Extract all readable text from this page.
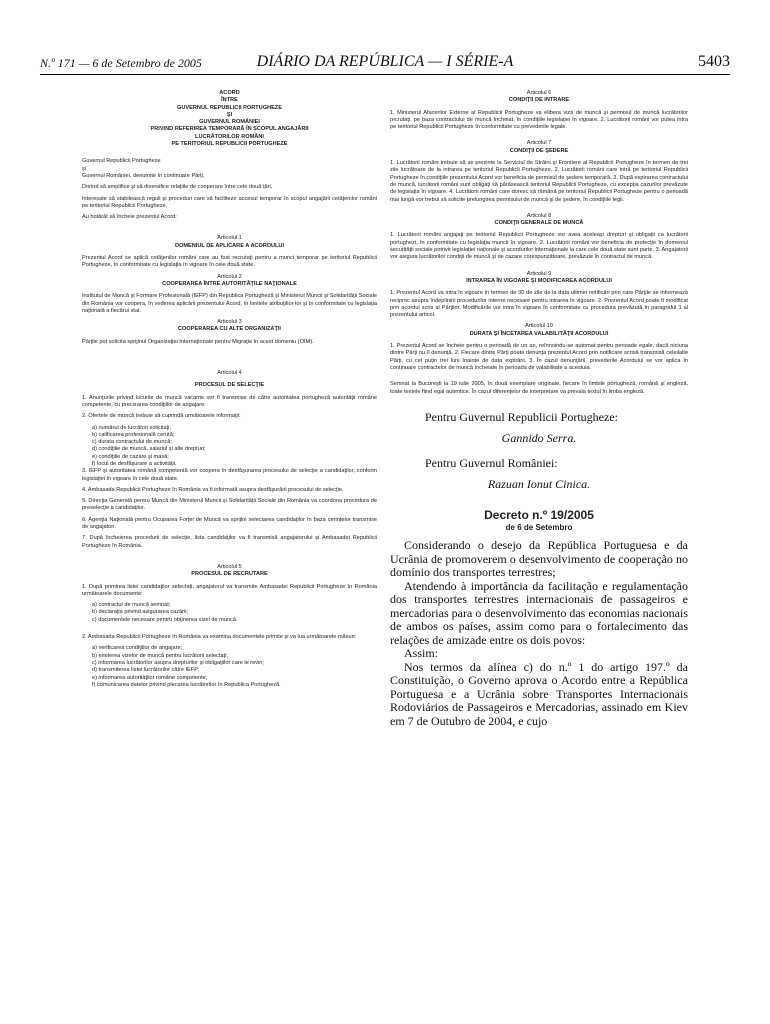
N.º 171 — 6 de Setembro de 2005	DIÁRIO DA REPÚBLICA — I SÉRIE-A	5403
ACORD
ÎNTRE
GUVERNUL REPUBLICII PORTUGHEZE
ŞI
GUVERNUL ROMÂNIEI
PRIVIND REFERIREA TEMPORARĂ ÎN SCOPUL ANGAJĂRII
LUCRĂTORILOR ROMÂNI
PE TERITORIUL REPUBLICII PORTUGHEZE
Guvernul Republicii Portugheze
şi

Guvernul României, denumite în continuare Părţi,

Dorind să amplifice şi să diversifice relaţiile de cooperare între cele două ţări,

Interesate să stabilească reguli şi proceduri care să faciliteze accesul temporar în scopul angajării cetăţenilor români pe teritoriul Republicii Portugheze,

Au hotărât să încheie prezentul Acord:

Articolul 1
DOMENIUL DE APLICARE A ACORDULUI

Prezentul Acord se aplică cetăţenilor români care au fost recrutaţi pentru a munci temporar pe teritoriul Republicii Portugheze, în conformitate cu legislaţia în vigoare în cele două state.

Articolul 2
COOPERAREA ÎNTRE AUTORITĂŢILE NAŢIONALE

Institutul de Muncă şi Formare Profesională (IEFP) din Republica Portugheză şi Ministerul Muncii şi Solidarităţii Sociale din România vor coopera, în vederea aplicării prezentului Acord, în limitele atribuţiilor lor şi în conformitate cu legislaţia naţională a fiecărui stat.

Articolul 3
COOPERAREA CU ALTE ORGANIZAŢII

Părţile pot solicita sprijinul Organizaţiei Internaţionale pentru Migraţie în acest domeniu (OIM).

Articolul 4
PROCESUL DE SELECŢIE

1. Anunţurile privind locurile de muncă vacante vor fi transmise de către autoritatea portugheză autorităţii române competente, cu precizarea condiţiilor de angajare.

2. Ofertele de muncă trebuie să cuprindă următoarele informaţii:

a) numărul de lucrători solicitaţi;
b) calificarea profesională cerută;
c) durata contractului de muncă;
d) condiţiile de muncă, salariul şi alte drepturi;
e) condiţiile de cazare şi masă;
f) locul de desfăşurare a activităţii.

3. IEFP şi autoritatea română competentă vor coopera în desfăşurarea procesului de selecţie a candidaţilor, conform legislaţiei în vigoare în cele două state.

4. Ambasada Republicii Portugheze în România va fi informată asupra desfăşurării procesului de selecţie.

5. Direcţia Generală pentru Muncă din Ministerul Muncii şi Solidarităţii Sociale din România va coordona procedura de preselecţie a candidaţilor.

6. Agenţia Naţională pentru Ocuparea Forţei de Muncă va sprijini selectarea candidaţilor în baza cerinţelor transmise de angajatori.

7. După încheierea procedurii de selecţie, lista candidaţilor va fi transmisă angajatorului şi Ambasadei Republicii Portugheze în România.

Articolul 5
PROCESUL DE RECRUTARE

1. După primirea listei candidaţilor selectaţi, angajatorul va transmite Ambasadei Republicii Portugheze în România următoarele documente:

a) contractul de muncă semnat;
b) declaraţia privind asigurarea cazării;
c) documentele necesare pentru obţinerea vizei de muncă.

2. Ambasada Republicii Portugheze în România va examina documentele primite şi va lua următoarele măsuri:

a) verificarea condiţiilor de angajare;
b) emiterea vizelor de muncă pentru lucrătorii selectaţi;
c) informarea lucrătorilor asupra drepturilor şi obligaţiilor care le revin;
d) transmiterea listei lucrătorilor către IEFP;
e) informarea autorităţilor române competente;
f) comunicarea datelor privind plecarea lucrătorilor în Republica Portugheză.
Articolul 6
CONDIŢII DE INTRARE

1. Ministerul Afacerilor Externe al Republicii Portugheze va elibera viza de muncă şi permisul de muncă lucrătorilor recrutaţi, pe baza contractului de muncă încheiat, în condiţiile legislaţiei în vigoare. 2. Lucrătorii români vor putea intra pe teritoriul Republicii Portugheze în conformitate cu prevederile legale.

Articolul 7
CONDIŢII DE ŞEDERE

1. Lucrătorii români trebuie să se prezinte la Serviciul de Străini şi Frontiere al Republicii Portugheze în termen de trei zile lucrătoare de la intrarea pe teritoriul Republicii Portugheze. 2. Lucrătorii români care intră pe teritoriul Republicii Portugheze în condiţiile prezentului Acord vor beneficia de permisul de şedere temporară. 3. După expirarea contractului de muncă, lucrătorii români sunt obligaţi să părăsească teritoriul Republicii Portugheze, cu excepţia cazurilor prevăzute de legislaţia în vigoare. 4. Lucrătorii români care doresc să rămână pe teritoriul Republicii Portugheze pentru o perioadă mai lungă vor trebui să solicite prelungirea permisului de muncă şi de şedere, în condiţiile legii.

Articolul 8
CONDIŢII GENERALE DE MUNCĂ

1. Lucrătorii români angajaţi pe teritoriul Republicii Portugheze vor avea aceleaşi drepturi şi obligaţii ca lucrătorii portughezi, în conformitate cu legislaţia muncii în vigoare. 2. Lucrătorii români vor beneficia de protecţie în domeniul securităţii sociale potrivit legislaţiei naţionale şi acordurilor internaţionale la care cele două state sunt parte. 3. Angajatorii vor asigura lucrătorilor condiţii de muncă şi de cazare corespunzătoare, prevăzute în contractul de muncă.

Articolul 9
INTRAREA ÎN VIGOARE ŞI MODIFICAREA ACORDULUI

1. Prezentul Acord va intra în vigoare în termen de 30 de zile de la data ultimei notificări prin care Părţile se informează reciproc asupra îndeplinirii procedurilor interne necesare pentru intrarea în vigoare. 2. Prezentul Acord poate fi modificat prin acordul scris al Părţilor. Modificările vor intra în vigoare în conformitate cu procedura prevăzută în paragraful 1 al prezentului articol.

Articolul 10
DURATA ŞI ÎNCETAREA VALABILITĂŢII ACORDULUI

1. Prezentul Acord se încheie pentru o perioadă de un an, reînnoindu-se automat pentru perioade egale, dacă niciuna dintre Părţi nu îl denunţă. 2. Fiecare dintre Părţi poate denunţa prezentul Acord prin notificare scrisă transmisă celeilalte Părţi, cu cel puţin trei luni înainte de data expirării. 3. În cazul denunţării, prevederile Acordului se vor aplica în continuare contractelor de muncă încheiate în perioada de valabilitate a acestuia.

Semnat la Bucureşti la 19 iulie 2005, în două exemplare originale, fiecare în limbile portugheză, română şi engleză, toate textele fiind egal autentice. În cazul diferenţelor de interpretare va prevala textul în limba engleză.

Pentru Guvernul Republicii Portugheze:

Gannido Serra.

Pentru Guvernul României:

Razuan Ionut Cinica.

Decreto n.º 19/2005
de 6 de Setembro

Considerando o desejo da República Portuguesa e da Ucrânia de promoverem o desenvolvimento de cooperação no domínio dos transportes terrestres;

Atendendo à importância da facilitação e regulamentação dos transportes terrestres internacionais de passageiros e mercadorias para o desenvolvimento das economias nacionais de ambos os países, assim como para o fortalecimento das relações de amizade entre os dois povos:

Assim:

Nos termos da alínea c) do n.º 1 do artigo 197.º da Constituição, o Governo aprova o Acordo entre a República Portuguesa e a Ucrânia sobre Transportes Internacionais Rodoviários de Passageiros e Mercadorias, assinado em Kiev em 7 de Outubro de 2004, e cujo
